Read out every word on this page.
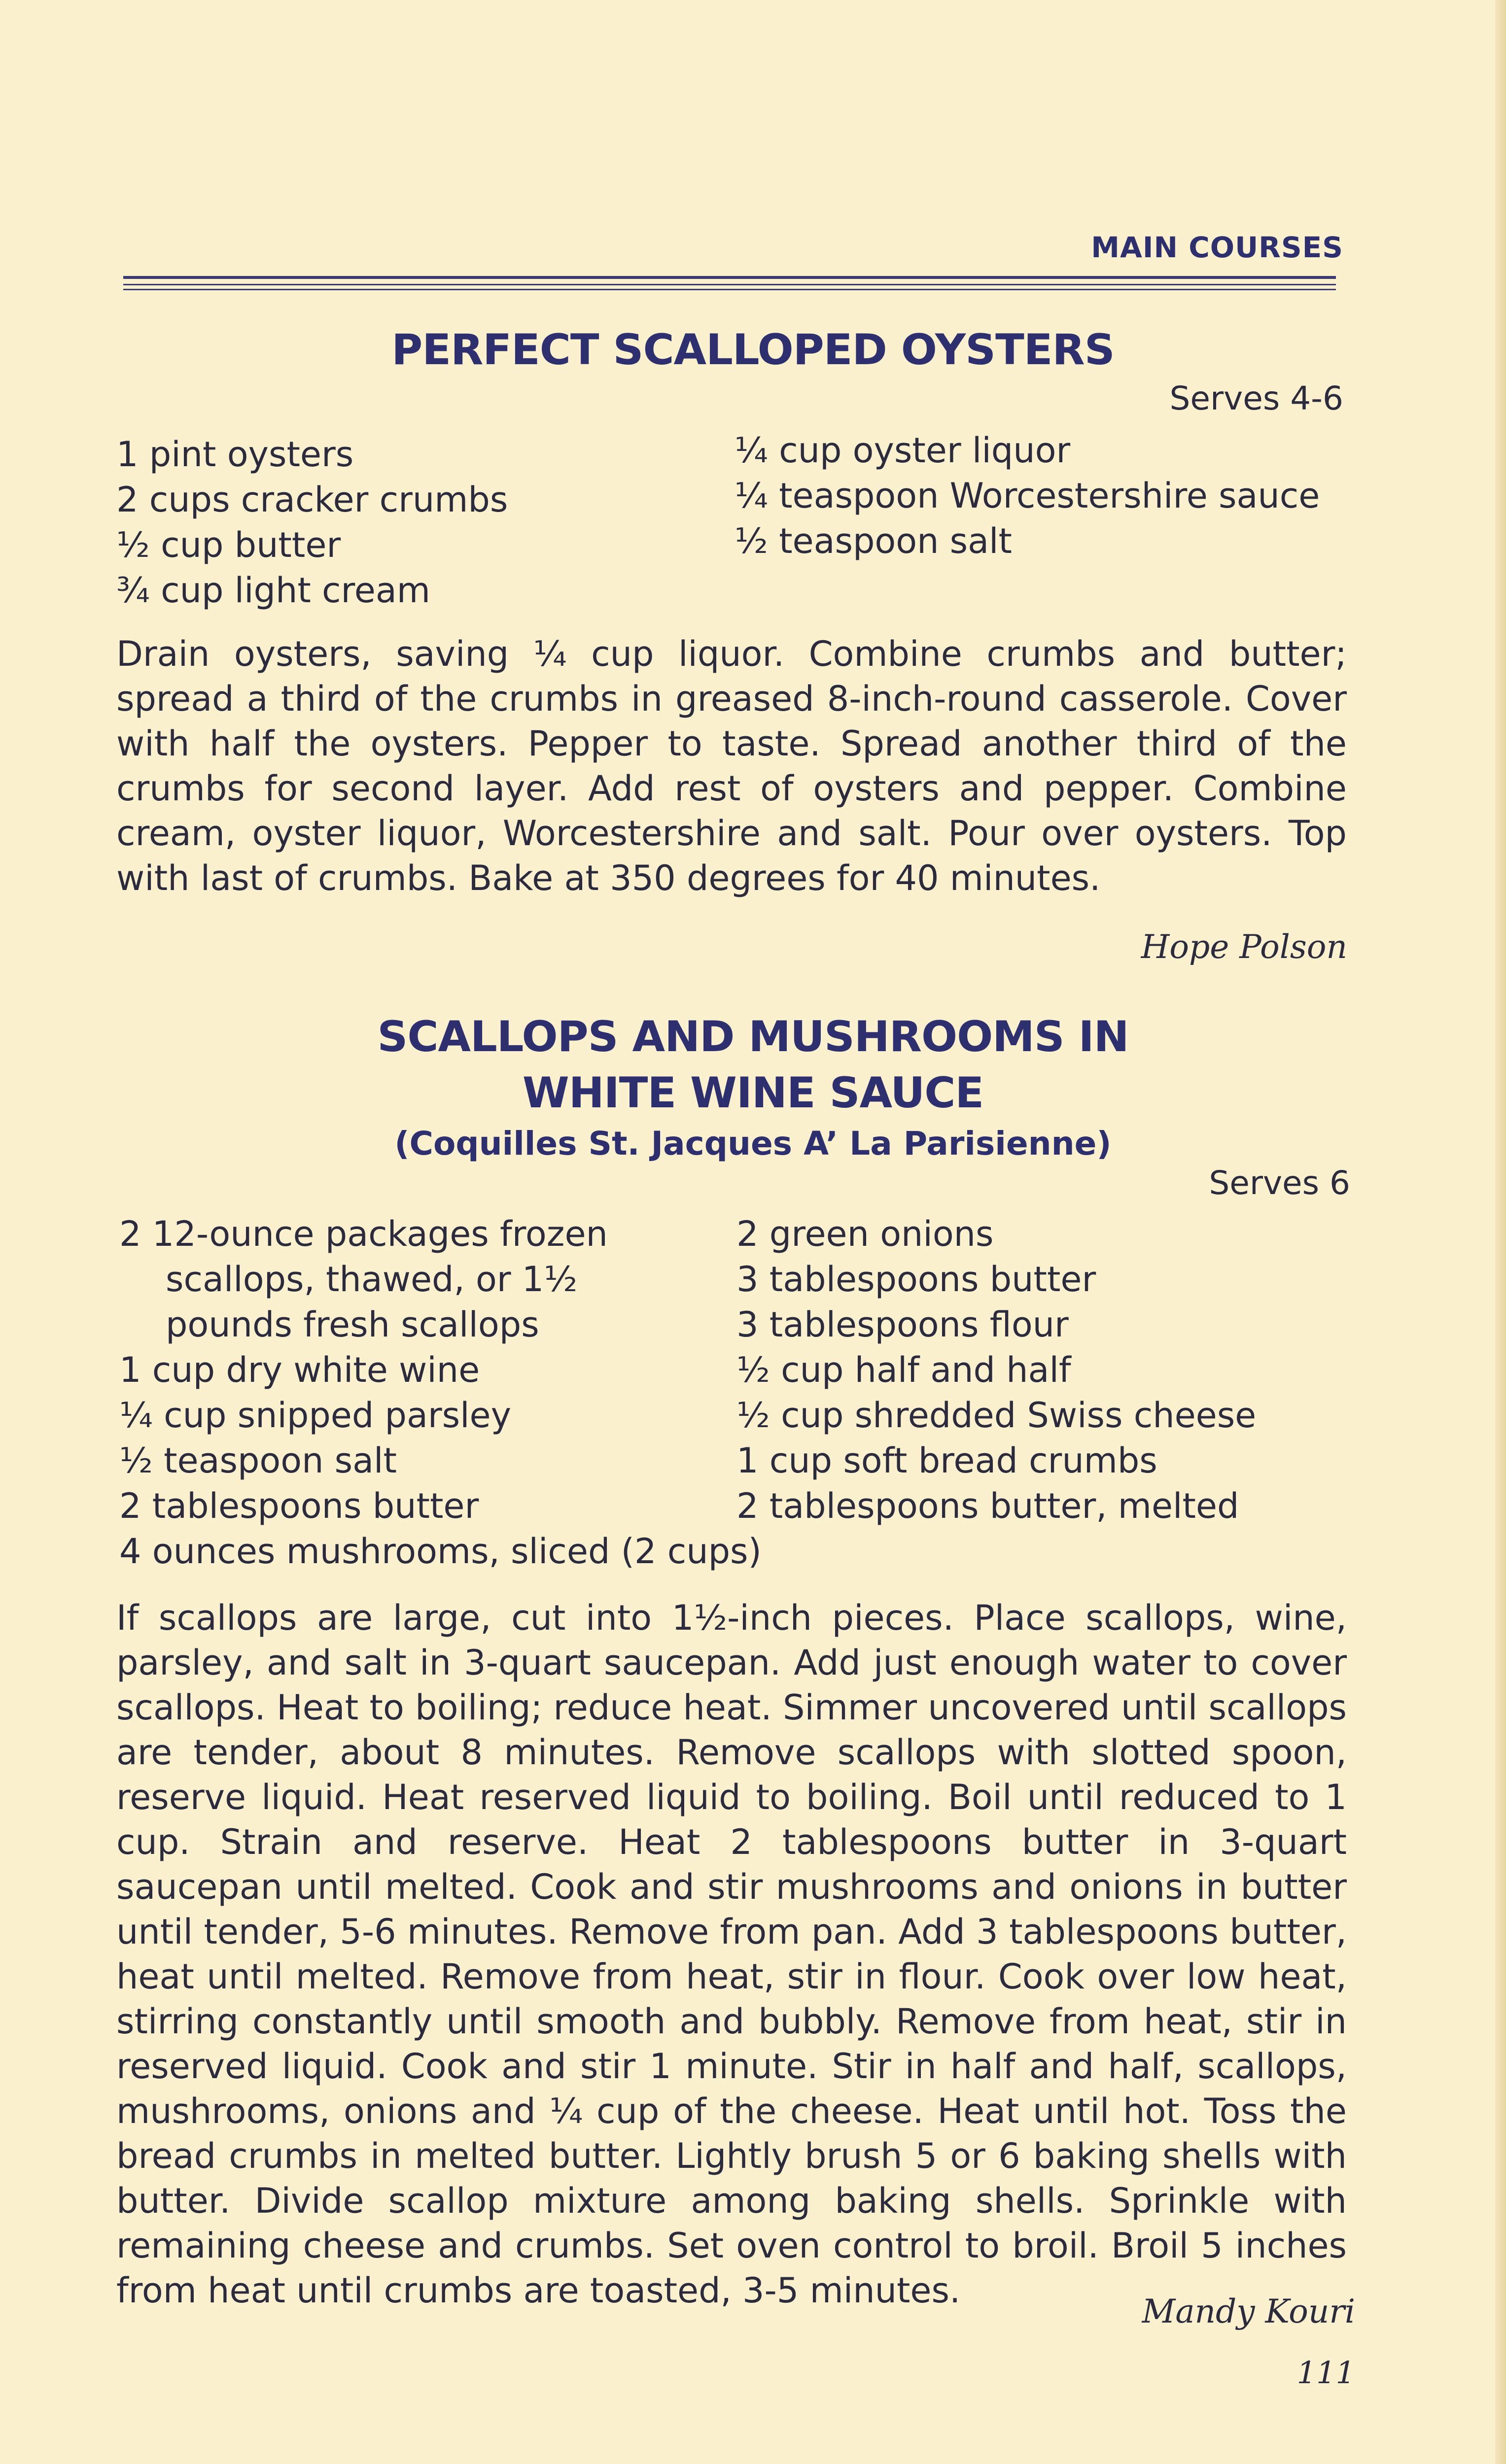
MAIN COURSES
PERFECT SCALLOPED OYSTERS
Serves 4-6
1 pint oysters
2 cups cracker crumbs
½ cup butter
¾ cup light cream
¼ cup oyster liquor
¼ teaspoon Worcestershire sauce
½ teaspoon salt
Drain oysters, saving ¼ cup liquor. Combine crumbs and butter; spread a third of the crumbs in greased 8-inch-round casserole. Cover with half the oysters. Pepper to taste. Spread another third of the crumbs for second layer. Add rest of oysters and pepper. Combine cream, oyster liquor, Worcestershire and salt. Pour over oysters. Top with last of crumbs. Bake at 350 degrees for 40 minutes.
Hope Polson
SCALLOPS AND MUSHROOMS IN
WHITE WINE SAUCE
(Coquilles St. Jacques A’ La Parisienne)
Serves 6
2 12-ounce packages frozen
scallops, thawed, or 1½
pounds fresh scallops
1 cup dry white wine
¼ cup snipped parsley
½ teaspoon salt
2 tablespoons butter
4 ounces mushrooms, sliced (2 cups)
2 green onions
3 tablespoons butter
3 tablespoons flour
½ cup half and half
½ cup shredded Swiss cheese
1 cup soft bread crumbs
2 tablespoons butter, melted
If scallops are large, cut into 1½-inch pieces. Place scallops, wine, parsley, and salt in 3-quart saucepan. Add just enough water to cover scallops. Heat to boiling; reduce heat. Simmer uncovered until scallops are tender, about 8 minutes. Remove scallops with slotted spoon, reserve liquid. Heat reserved liquid to boiling. Boil until reduced to 1 cup. Strain and reserve. Heat 2 tablespoons butter in 3-quart saucepan until melted. Cook and stir mushrooms and onions in butter until tender, 5-6 minutes. Remove from pan. Add 3 tablespoons butter, heat until melted. Remove from heat, stir in flour. Cook over low heat, stirring constantly until smooth and bubbly. Remove from heat, stir in reserved liquid. Cook and stir 1 minute. Stir in half and half, scallops, mushrooms, onions and ¼ cup of the cheese. Heat until hot. Toss the bread crumbs in melted butter. Lightly brush 5 or 6 baking shells with butter. Divide scallop mixture among baking shells. Sprinkle with remaining cheese and crumbs. Set oven control to broil. Broil 5 inches from heat until crumbs are toasted, 3-5 minutes.
Mandy Kouri
111
